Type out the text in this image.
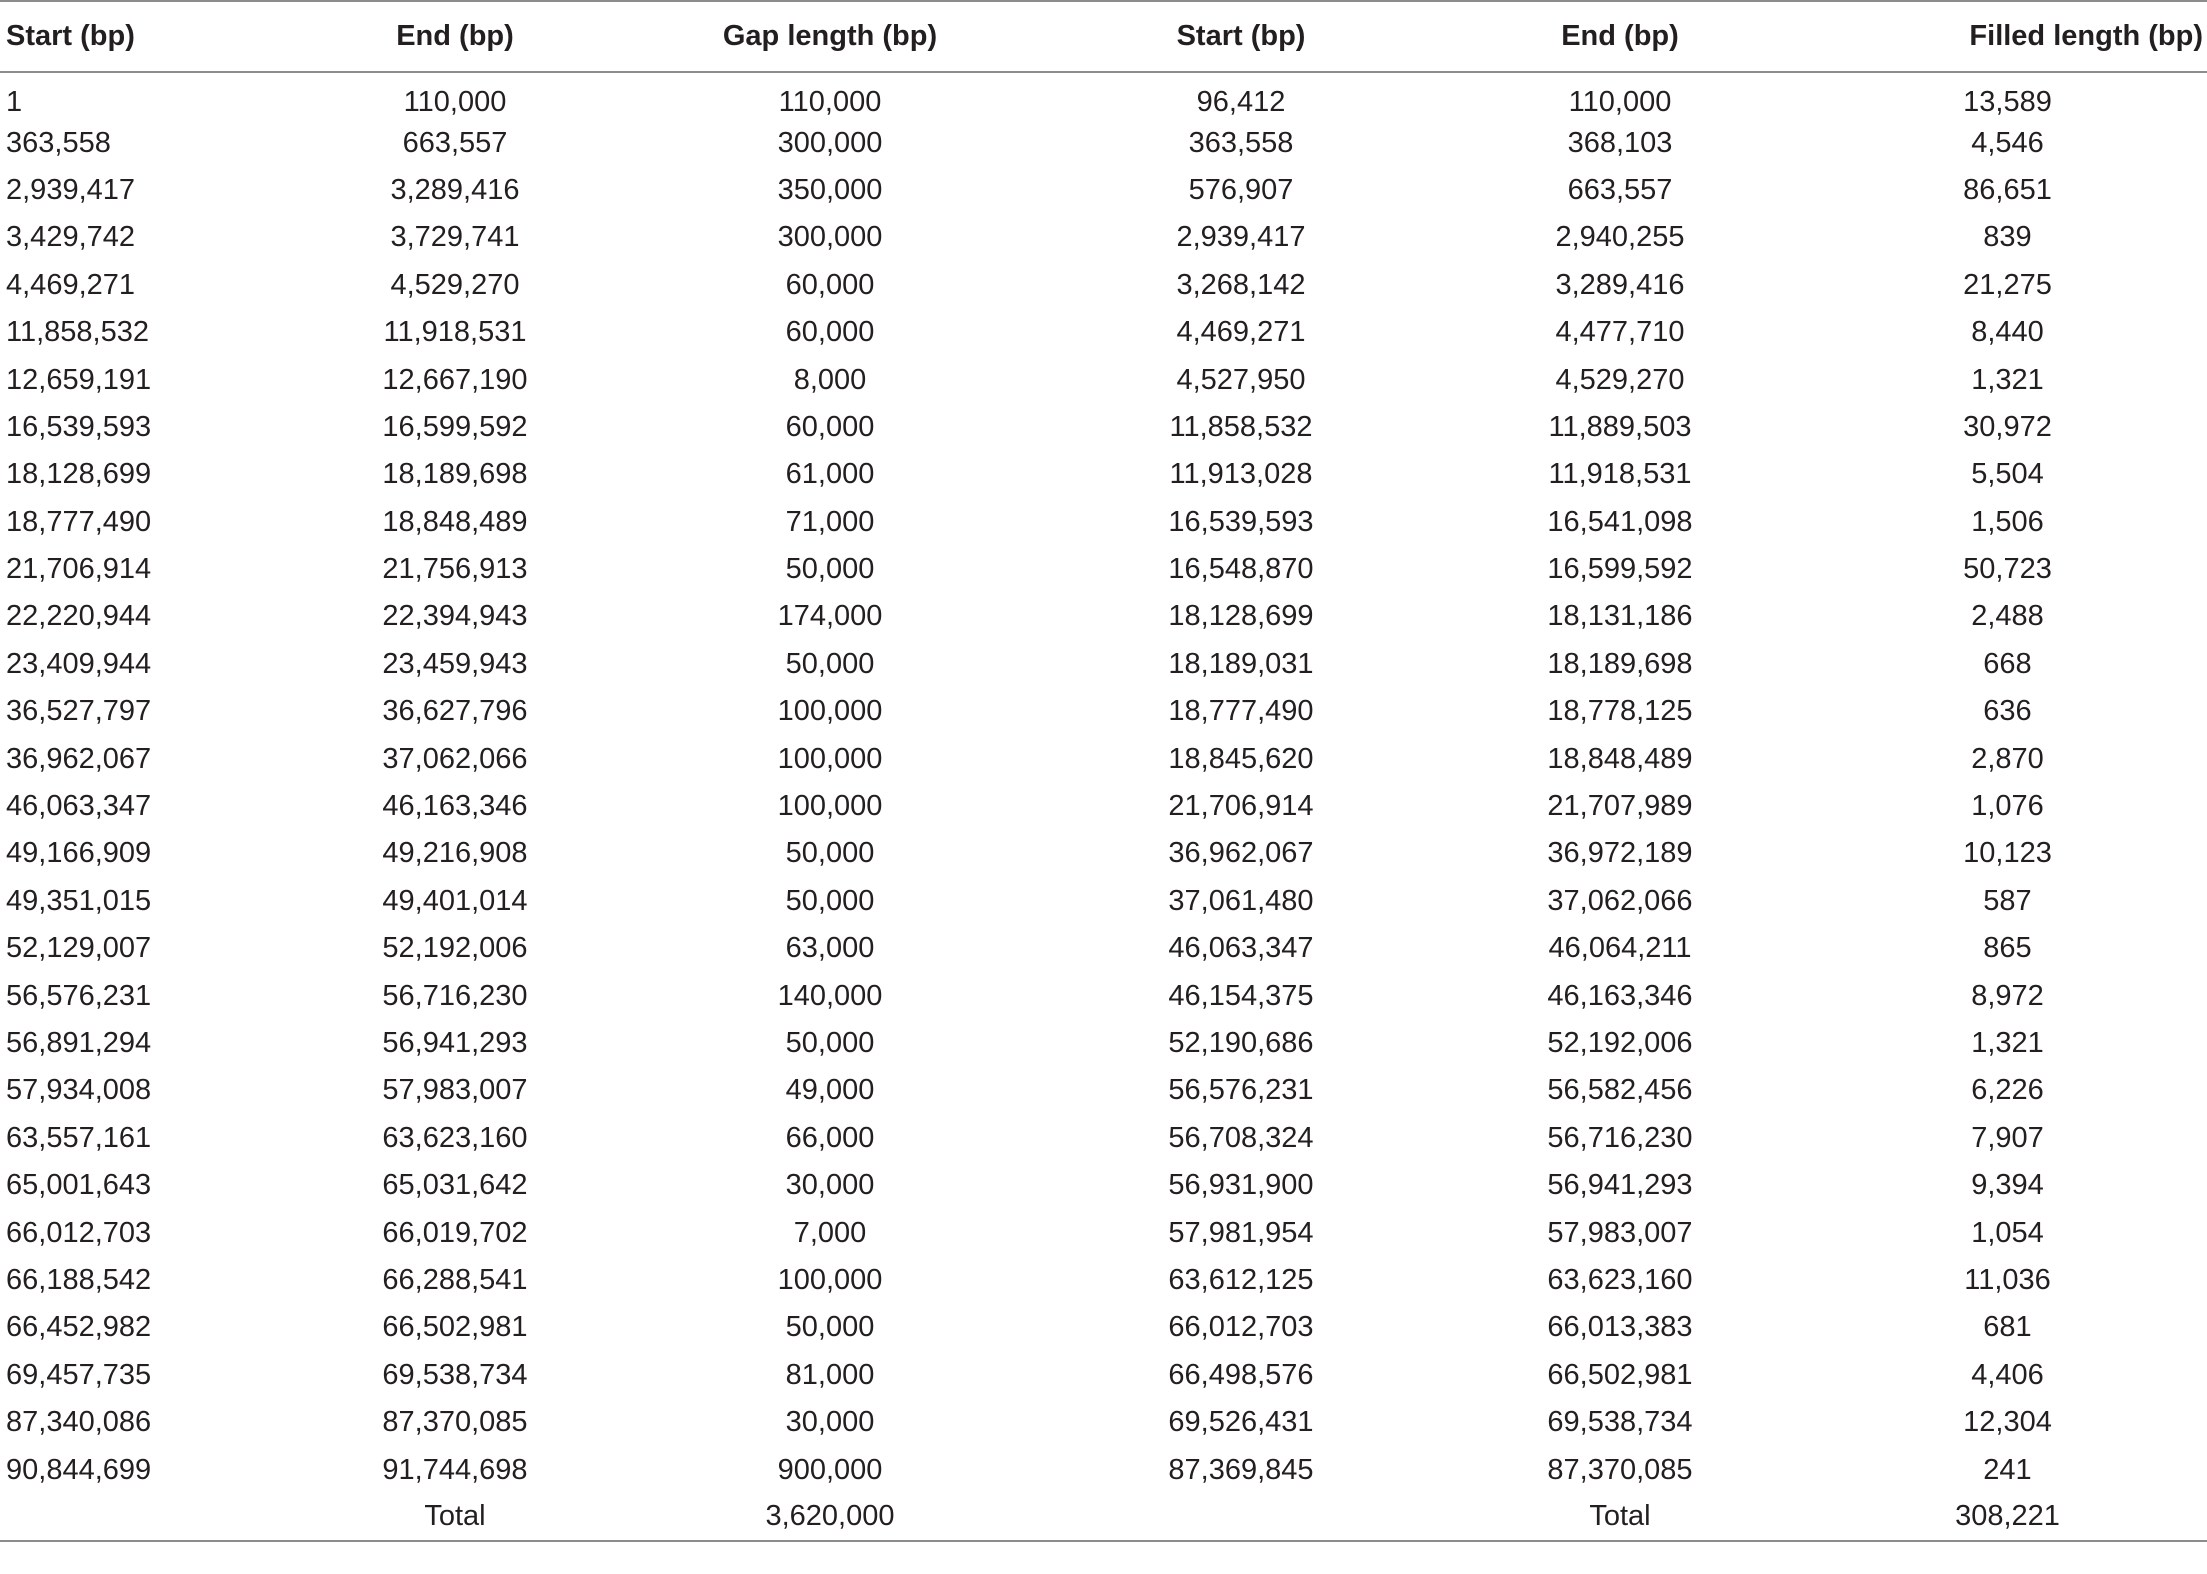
Start (bp)	End (bp)	Gap length (bp)	Start (bp)	End (bp)	Filled length (bp)
1	110,000	110,000	96,412	110,000	13,589
363,558	663,557	300,000	363,558	368,103	4,546
2,939,417	3,289,416	350,000	576,907	663,557	86,651
3,429,742	3,729,741	300,000	2,939,417	2,940,255	839
4,469,271	4,529,270	60,000	3,268,142	3,289,416	21,275
11,858,532	11,918,531	60,000	4,469,271	4,477,710	8,440
12,659,191	12,667,190	8,000	4,527,950	4,529,270	1,321
16,539,593	16,599,592	60,000	11,858,532	11,889,503	30,972
18,128,699	18,189,698	61,000	11,913,028	11,918,531	5,504
18,777,490	18,848,489	71,000	16,539,593	16,541,098	1,506
21,706,914	21,756,913	50,000	16,548,870	16,599,592	50,723
22,220,944	22,394,943	174,000	18,128,699	18,131,186	2,488
23,409,944	23,459,943	50,000	18,189,031	18,189,698	668
36,527,797	36,627,796	100,000	18,777,490	18,778,125	636
36,962,067	37,062,066	100,000	18,845,620	18,848,489	2,870
46,063,347	46,163,346	100,000	21,706,914	21,707,989	1,076
49,166,909	49,216,908	50,000	36,962,067	36,972,189	10,123
49,351,015	49,401,014	50,000	37,061,480	37,062,066	587
52,129,007	52,192,006	63,000	46,063,347	46,064,211	865
56,576,231	56,716,230	140,000	46,154,375	46,163,346	8,972
56,891,294	56,941,293	50,000	52,190,686	52,192,006	1,321
57,934,008	57,983,007	49,000	56,576,231	56,582,456	6,226
63,557,161	63,623,160	66,000	56,708,324	56,716,230	7,907
65,001,643	65,031,642	30,000	56,931,900	56,941,293	9,394
66,012,703	66,019,702	7,000	57,981,954	57,983,007	1,054
66,188,542	66,288,541	100,000	63,612,125	63,623,160	11,036
66,452,982	66,502,981	50,000	66,012,703	66,013,383	681
69,457,735	69,538,734	81,000	66,498,576	66,502,981	4,406
87,340,086	87,370,085	30,000	69,526,431	69,538,734	12,304
90,844,699	91,744,698	900,000	87,369,845	87,370,085	241
	Total	3,620,000		Total	308,221
